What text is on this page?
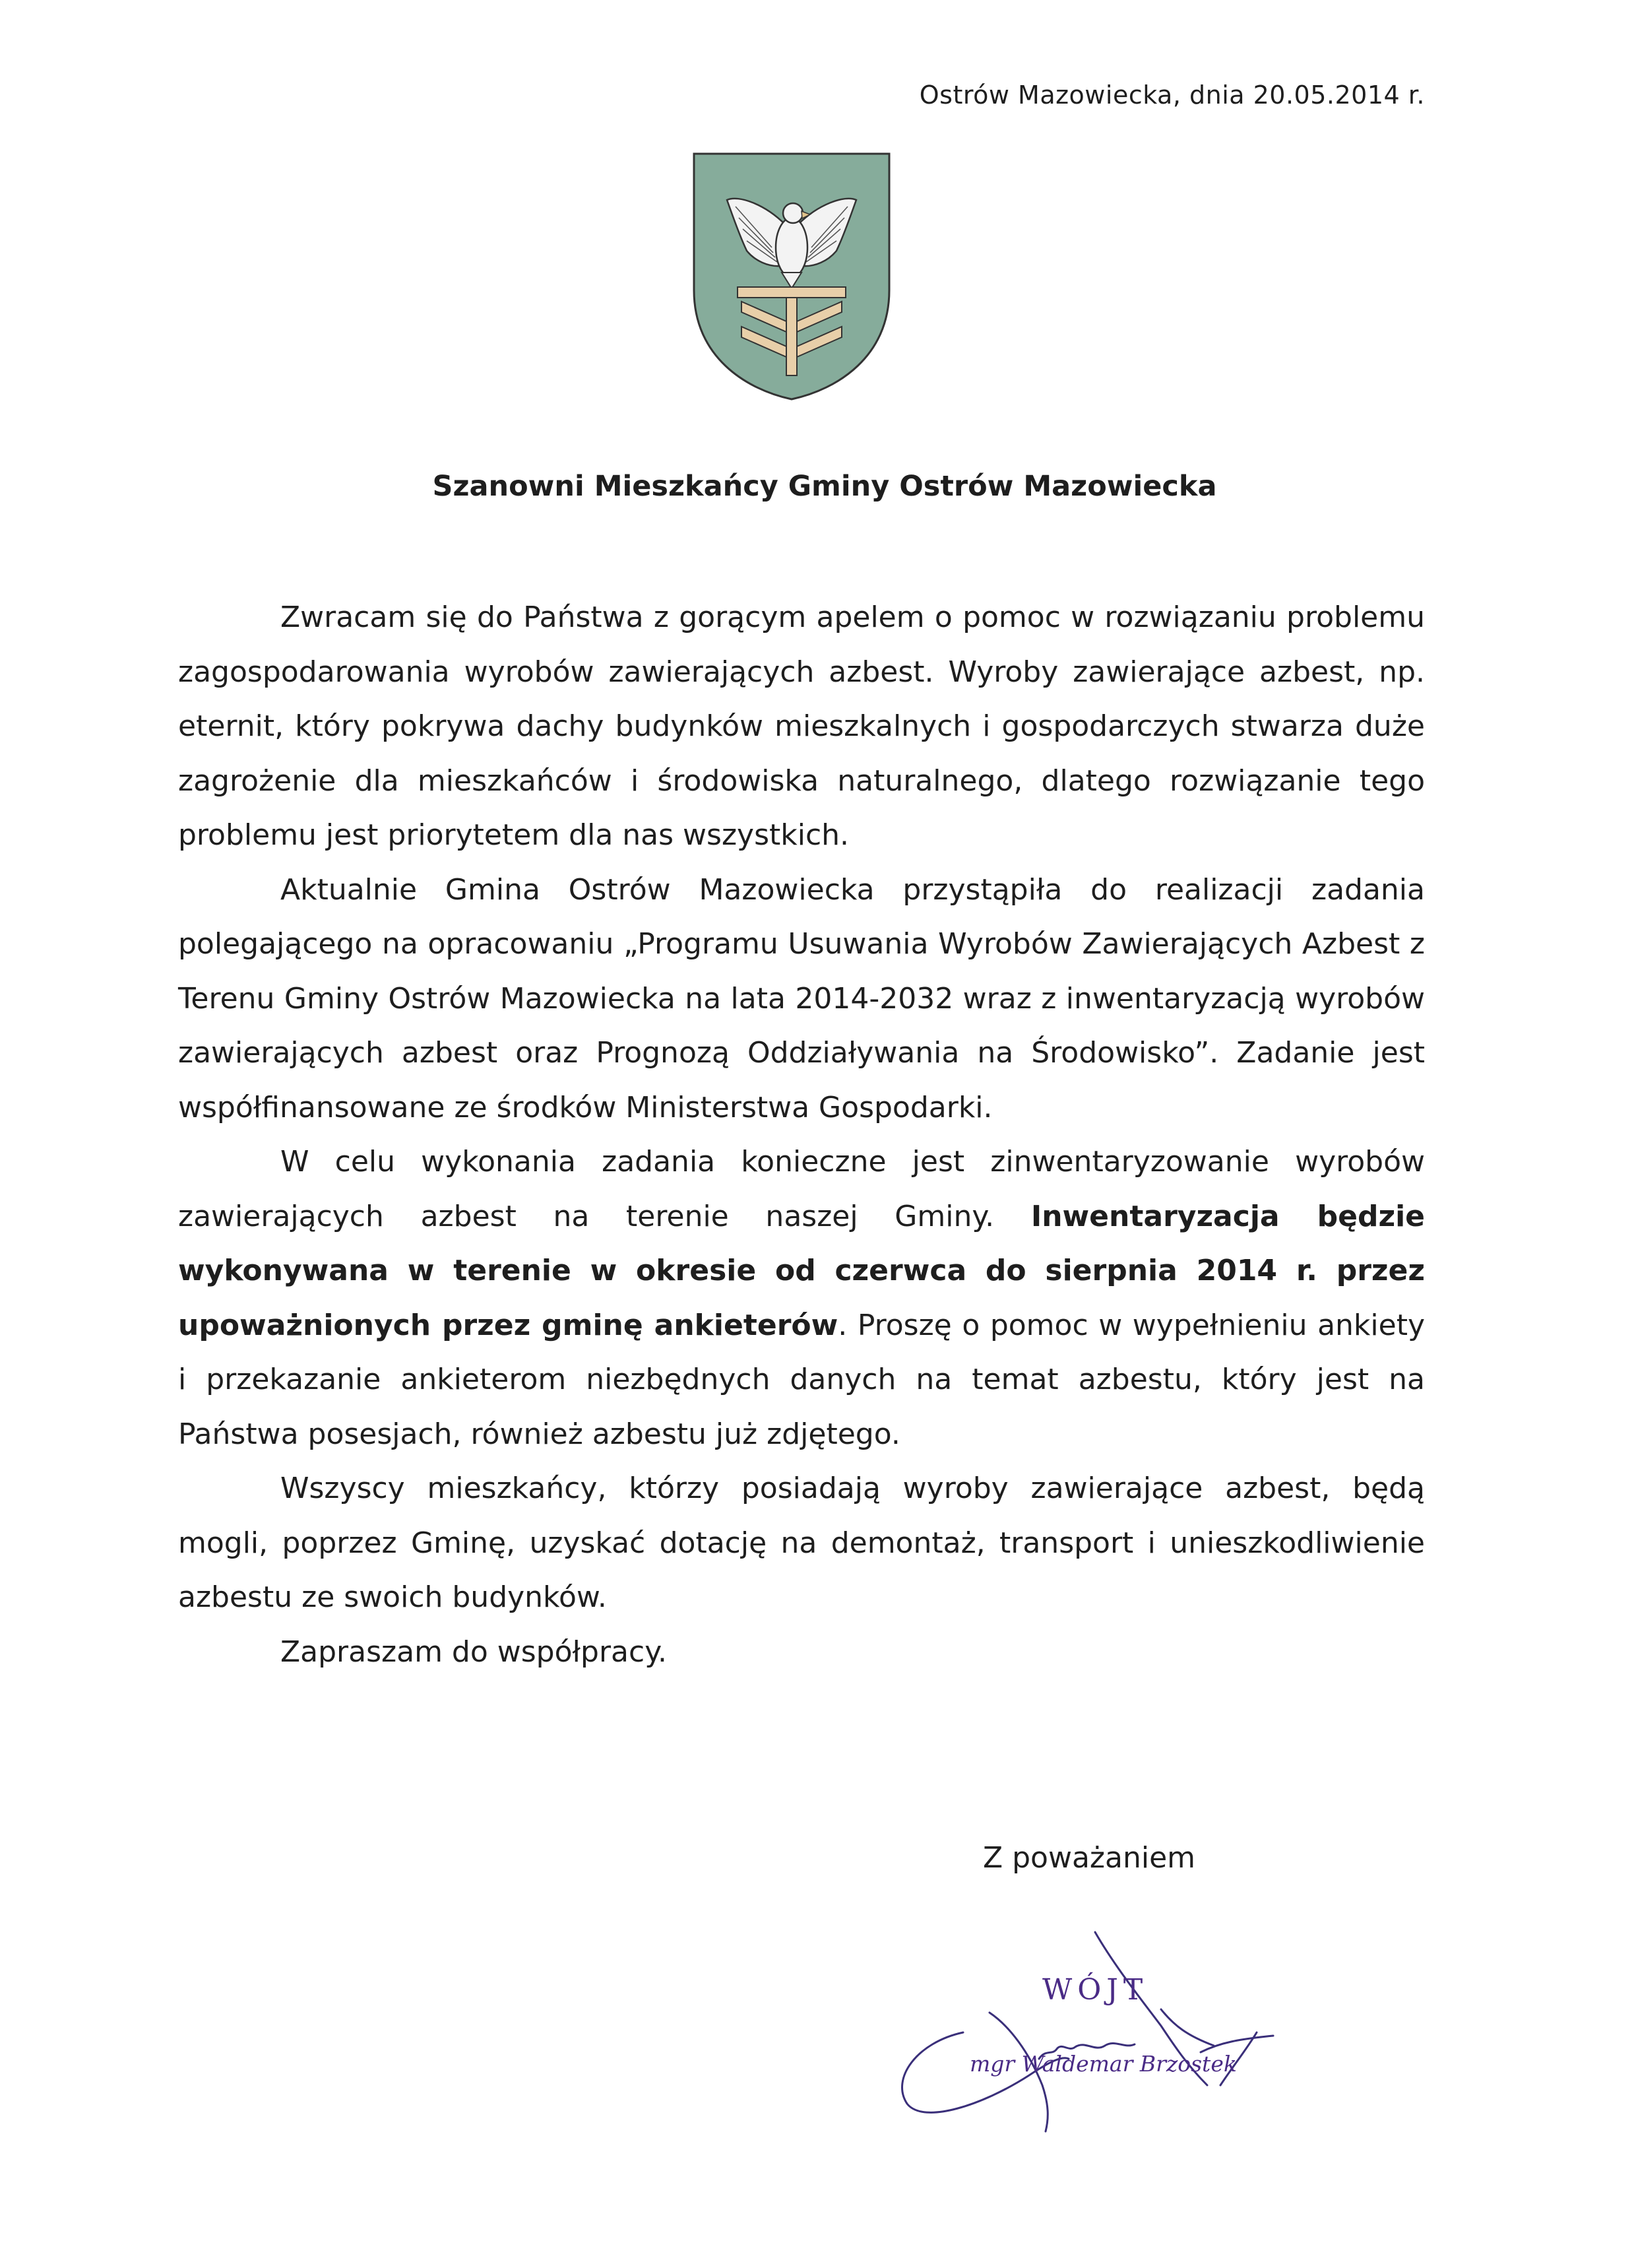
Ostrów Mazowiecka, dnia 20.05.2014 r.
Szanowni Mieszkańcy Gminy Ostrów Mazowiecka

Zwracam się do Państwa z gorącym apelem o pomoc w rozwiązaniu problemu zagospodarowania wyrobów zawierających azbest. Wyroby zawierające azbest, np. eternit, który pokrywa dachy budynków mieszkalnych i gospodarczych stwarza duże zagrożenie dla mieszkańców i środowiska naturalnego, dlatego rozwiązanie tego problemu jest priorytetem dla nas wszystkich.

Aktualnie Gmina Ostrów Mazowiecka przystąpiła do realizacji zadania polegającego na opracowaniu „Programu Usuwania Wyrobów Zawierających Azbest z Terenu Gminy Ostrów Mazowiecka na lata 2014-2032 wraz z inwentaryzacją wyrobów zawierających azbest oraz Prognozą Oddziaływania na Środowisko”. Zadanie jest współfinansowane ze środków Ministerstwa Gospodarki.

W celu wykonania zadania konieczne jest zinwentaryzowanie wyrobów zawierających azbest na terenie naszej Gminy. Inwentaryzacja będzie wykonywana w terenie w okresie od czerwca do sierpnia 2014 r. przez upoważnionych przez gminę ankieterów. Proszę o pomoc w wypełnieniu ankiety i przekazanie ankieterom niezbędnych danych na temat azbestu, który jest na Państwa posesjach, również azbestu już zdjętego.

Wszyscy mieszkańcy, którzy posiadają wyroby zawierające azbest, będą mogli, poprzez Gminę, uzyskać dotację na demontaż, transport i unieszkodliwienie azbestu ze swoich budynków.

Zapraszam do współpracy.

Z poważaniem
WÓJT
mgr Waldemar Brzostek
